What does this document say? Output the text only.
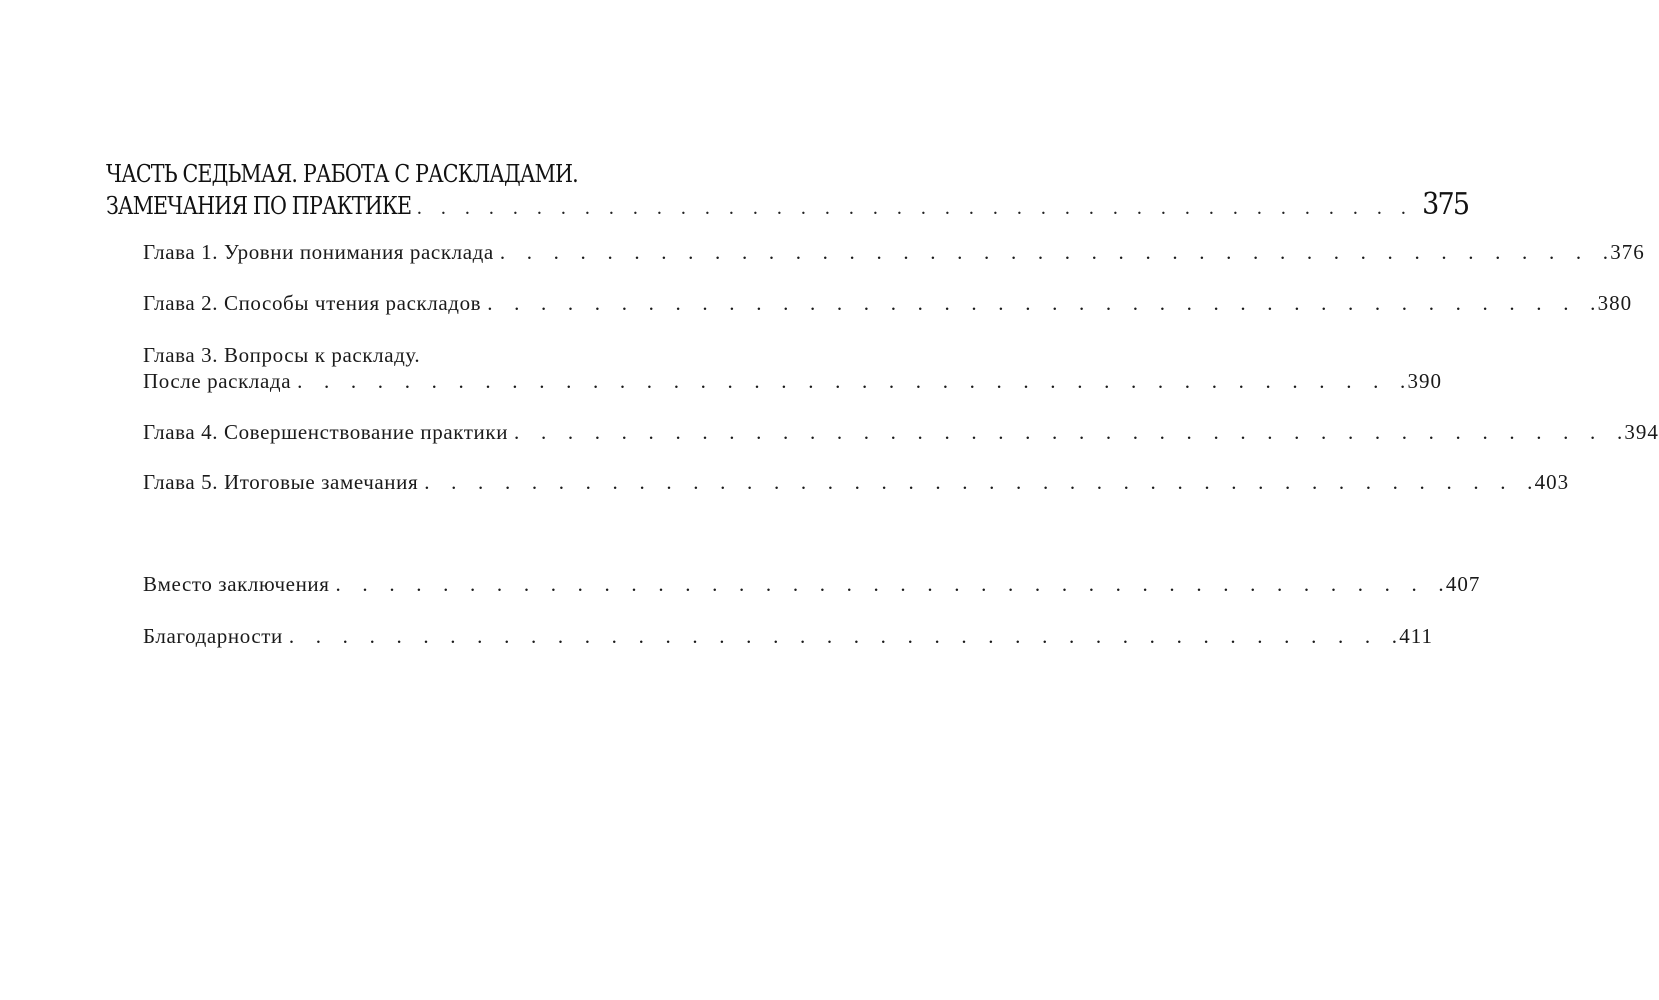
ЧАСТЬ СЕДЬМАЯ. РАБОТА С РАСКЛАДАМИ.
ЗАМЕЧАНИЯ ПО ПРАКТИКЕ . . . . . . . . . . . . . . . . . . . . . . . . . . . . . . . . . . . . . . . . . . 375
Глава 1. Уровни понимания расклада . . . . . . . . . . . . . . . . . . . . . . . . . . . . . . . . . . . . . . . . . .
376
Глава 2. Способы чтения раскладов . . . . . . . . . . . . . . . . . . . . . . . . . . . . . . . . . . . . . . . . . .
380
Глава 3. Вопросы к раскладу.
После расклада . . . . . . . . . . . . . . . . . . . . . . . . . . . . . . . . . . . . . . . . . .
390
Глава 4. Совершенствование практики . . . . . . . . . . . . . . . . . . . . . . . . . . . . . . . . . . . . . . . . . .
394
Глава 5. Итоговые замечания . . . . . . . . . . . . . . . . . . . . . . . . . . . . . . . . . . . . . . . . . .
403
Вместо заключения . . . . . . . . . . . . . . . . . . . . . . . . . . . . . . . . . . . . . . . . . .
407
Благодарности . . . . . . . . . . . . . . . . . . . . . . . . . . . . . . . . . . . . . . . . . .
411
